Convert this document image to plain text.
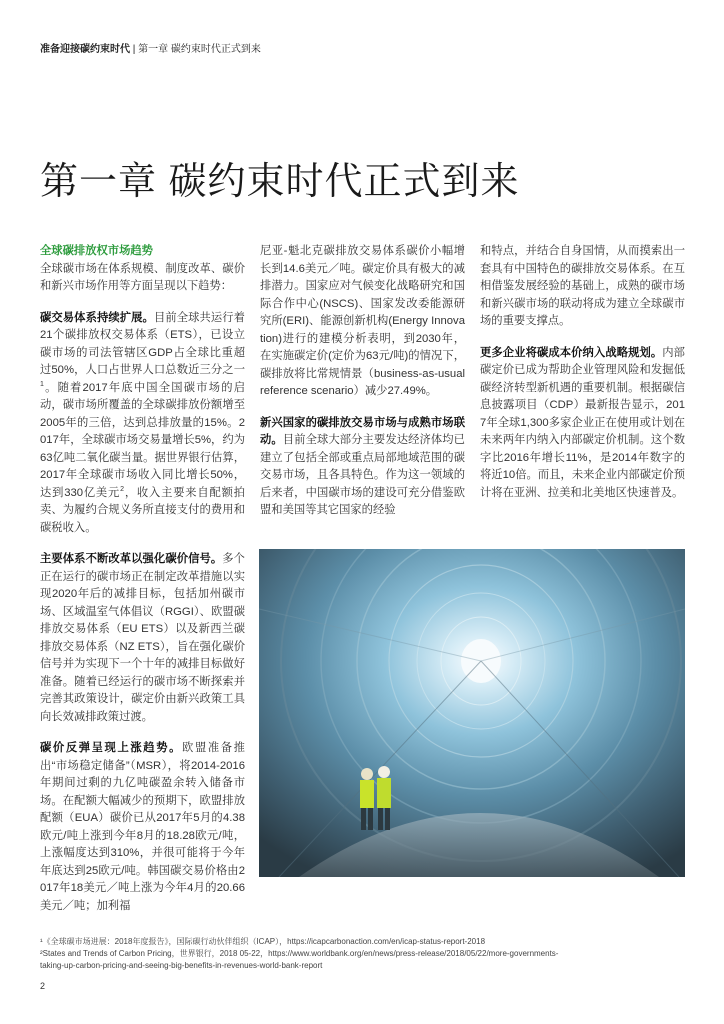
准备迎接碳约束时代 | 第一章 碳约束时代正式到来
第一章 碳约束时代正式到来

全球碳排放权市场趋势
全球碳市场在体系规模、制度改革、碳价和新兴市场作用等方面呈现以下趋势：

碳交易体系持续扩展。目前全球共运行着21个碳排放权交易体系（ETS），已设立碳市场的司法管辖区GDP占全球比重超过50%，人口占世界人口总数近三分之一$^1$。随着2017年底中国全国碳市场的启动，碳市场所覆盖的全球碳排放份额增至2005年的三倍，达到总排放量的15%。2017年，全球碳市场交易量增长5%，约为63亿吨二氧化碳当量。据世界银行估算，2017年全球碳市场收入同比增长50%，达到330亿美元$^2$，收入主要来自配额拍卖、为履约合规义务所直接支付的费用和碳税收入。

主要体系不断改革以强化碳价信号。多个正在运行的碳市场正在制定改革措施以实现2020年后的减排目标，包括加州碳市场、区域温室气体倡议（RGGI）、欧盟碳排放交易体系（EU ETS）以及新西兰碳排放交易体系（NZ ETS），旨在强化碳价信号并为实现下一个十年的减排目标做好准备。随着已经运行的碳市场不断探索并完善其政策设计，碳定价由新兴政策工具向长效减排政策过渡。

碳价反弹呈现上涨趋势。欧盟准备推出“市场稳定储备”（MSR），将2014-2016年期间过剩的九亿吨碳盈余转入储备市场。在配额大幅减少的预期下，欧盟排放配额（EUA）碳价已从2017年5月的4.38欧元/吨上涨到今年8月的18.28欧元/吨，上涨幅度达到310%，并很可能将于今年年底达到25欧元/吨。韩国碳交易价格由2017年18美元／吨上涨为今年4月的20.66美元／吨；加利福

尼亚-魁北克碳排放交易体系碳价小幅增长到14.6美元／吨。碳定价具有极大的减排潜力。国家应对气候变化战略研究和国际合作中心(NSCS)、国家发改委能源研究所(ERI)、能源创新机构(Energy Innovation)进行的建模分析表明，到2030年，在实施碳定价(定价为63元/吨)的情况下，碳排放将比常规情景（business-as-usual reference scenario）减少27.49%。

新兴国家的碳排放交易市场与成熟市场联动。目前全球大部分主要发达经济体均已建立了包括全部或重点局部地域范围的碳交易市场，且各具特色。作为这一领域的后来者，中国碳市场的建设可充分借鉴欧盟和美国等其它国家的经验

和特点，并结合自身国情，从而摸索出一套具有中国特色的碳排放交易体系。在互相借鉴发展经验的基础上，成熟的碳市场和新兴碳市场的联动将成为建立全球碳市场的重要支撑点。

更多企业将碳成本价纳入战略规划。内部碳定价已成为帮助企业管理风险和发掘低碳经济转型新机遇的重要机制。根据碳信息披露项目（CDP）最新报告显示，2017年全球1,300多家企业正在使用或计划在未来两年内纳入内部碳定价机制。这个数字比2016年增长11%，是2014年数字的将近10倍。而且，未来企业内部碳定价预计将在亚洲、拉美和北美地区快速普及。

¹《全球碳市场进展：2018年度报告》，国际碳行动伙伴组织（ICAP），https://icapcarbonaction.com/en/icap-status-report-2018
²States and Trends of Carbon Pricing，世界银行，2018 05-22，https://www.worldbank.org/en/news/press-release/2018/05/22/more-governments-
taking-up-carbon-pricing-and-seeing-big-benefits-in-revenues-world-bank-report
2
